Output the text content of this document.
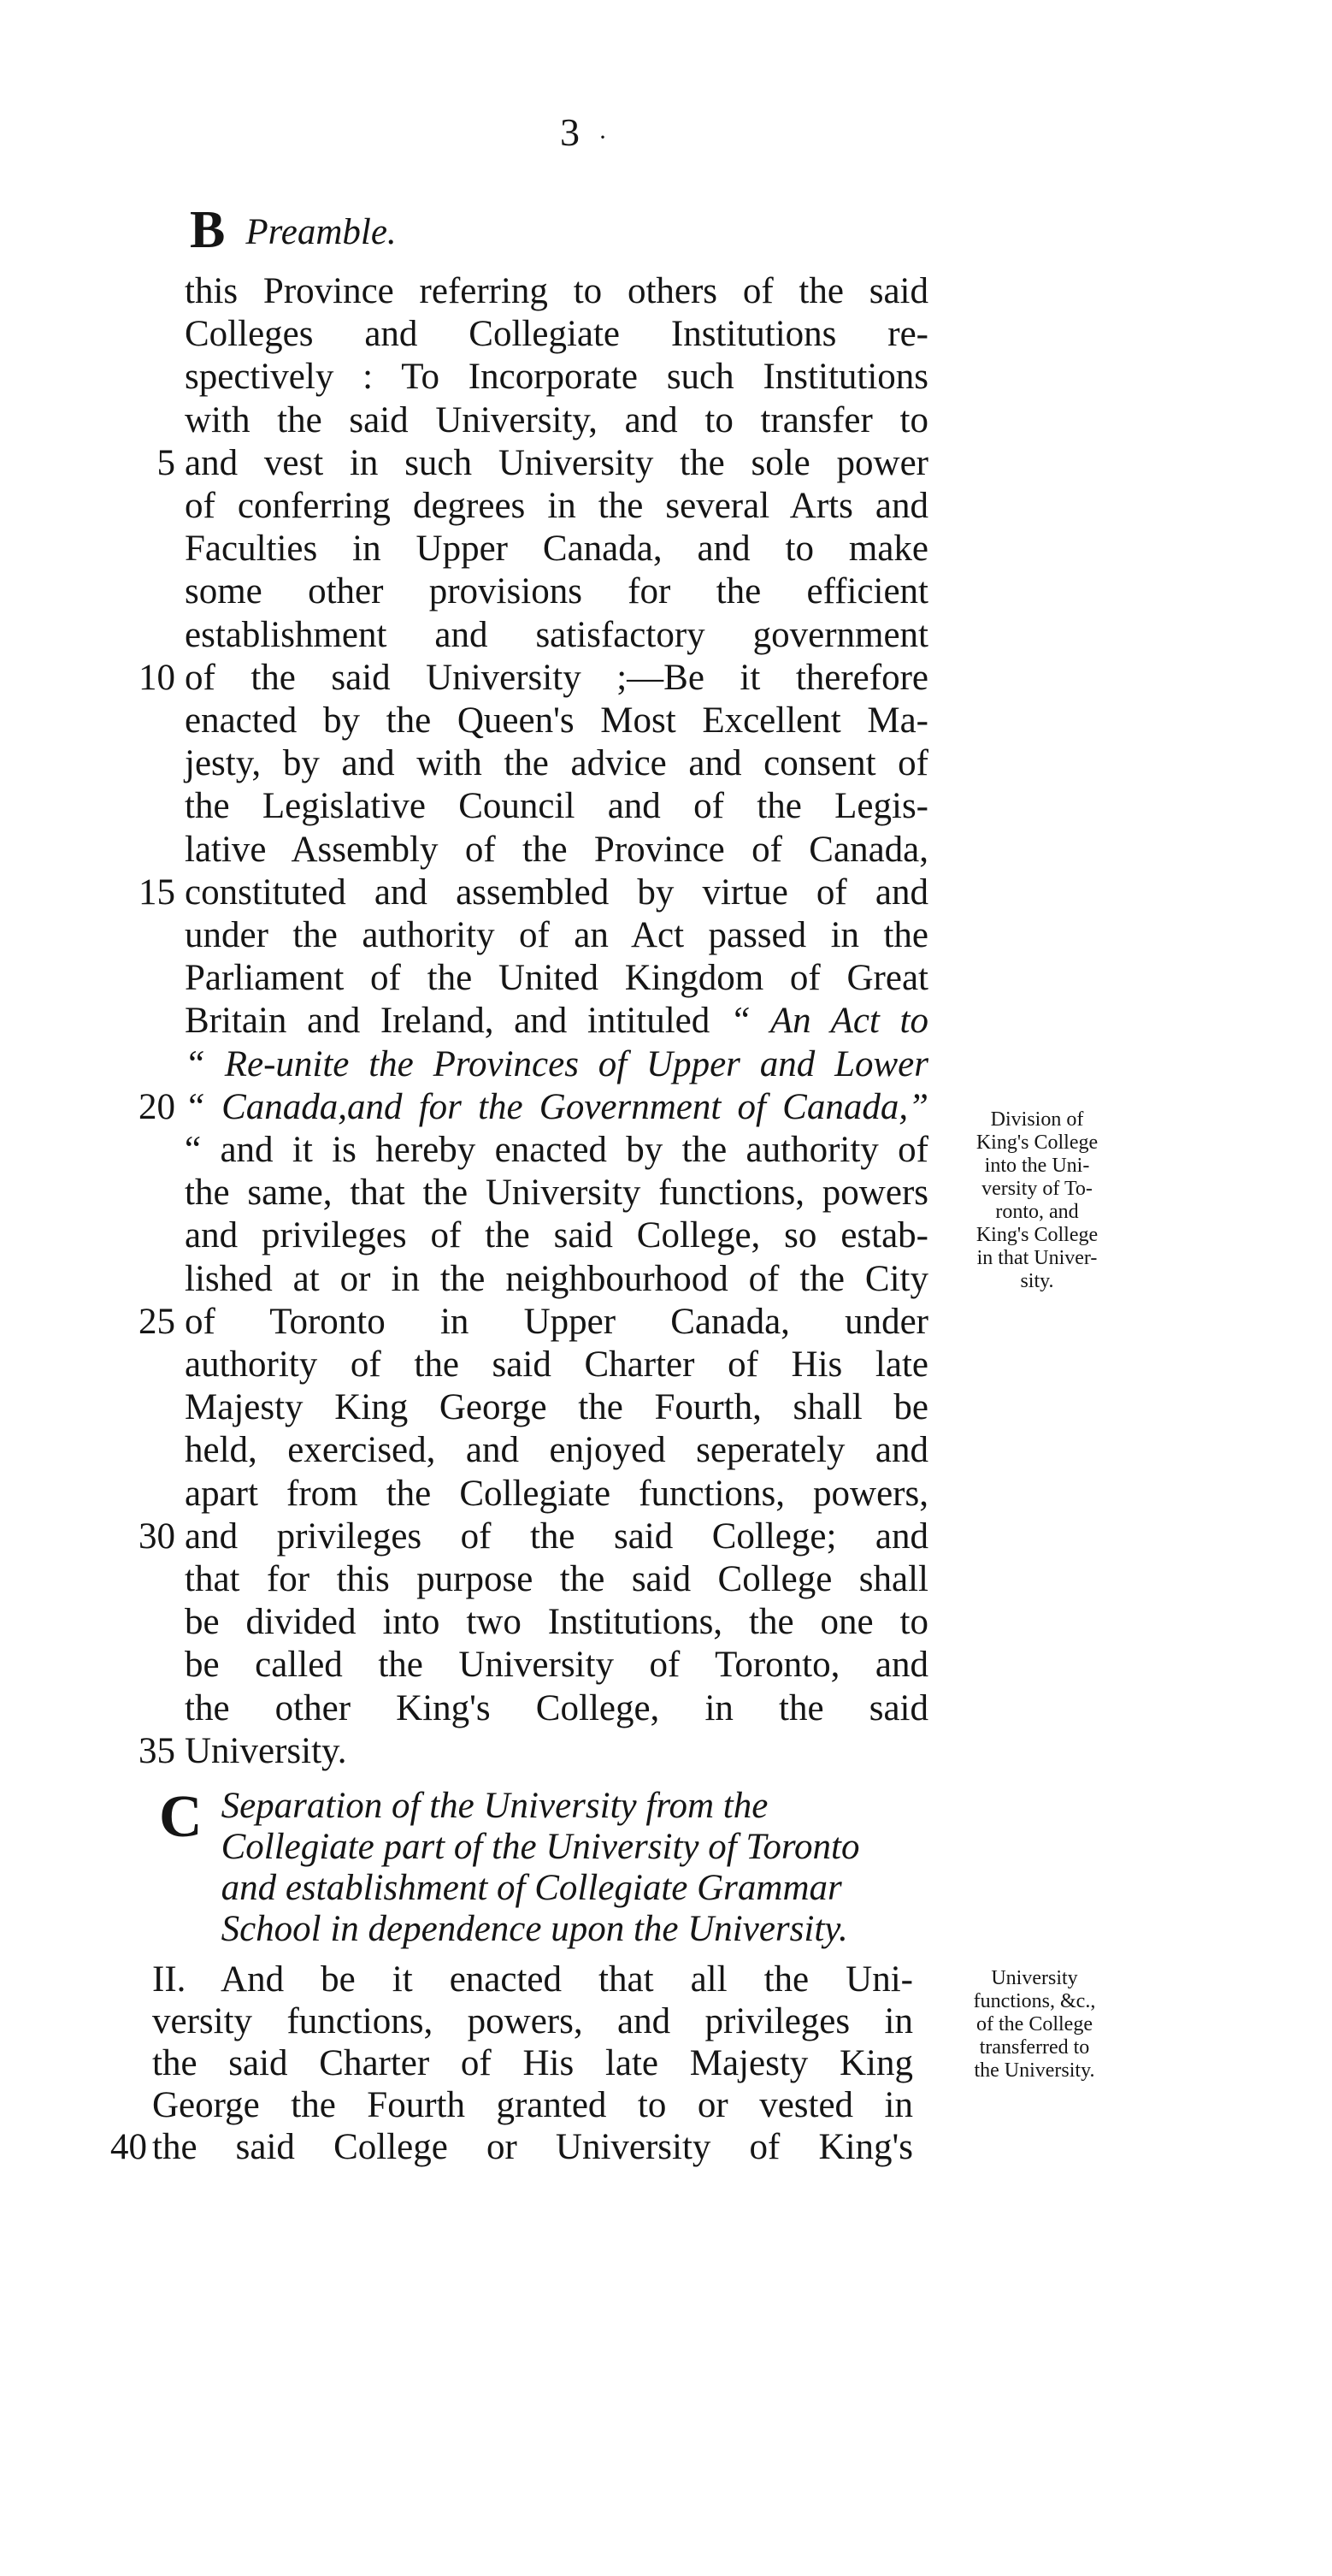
3 ·
B Preamble.
this Province referring to others of the said
Colleges and Collegiate Institutions re-
spectively : To Incorporate such Institutions
with the said University, and to transfer to
and vest in such University the sole power
of conferring degrees in the several Arts and
Faculties in Upper Canada, and to make
some other provisions for the efficient
establishment and satisfactory government
of the said University ;—Be it therefore
enacted by the Queen's Most Excellent Ma-
jesty, by and with the advice and consent of
the Legislative Council and of the Legis-
lative Assembly of the Province of Canada,
constituted and assembled by virtue of and
under the authority of an Act passed in the
Parliament of the United Kingdom of Great
Britain and Ireland, and intituled “ An Act to
“ Re-unite the Provinces of Upper and Lower
“ Canada,and for the Government of Canada,”
“ and it is hereby enacted by the authority of
the same, that the University functions, powers
and privileges of the said College, so estab-
lished at or in the neighbourhood of the City
of Toronto in Upper Canada, under
authority of the said Charter of His late
Majesty King George the Fourth, shall be
held, exercised, and enjoyed seperately and
apart from the Collegiate functions, powers,
and privileges of the said College; and
that for this purpose the said College shall
be divided into two Institutions, the one to
be called the University of Toronto, and
the other King's College, in the said
University.
5
10
15
20
25
30
35
C Separation of the University from the
Collegiate part of the University of Toronto
and establishment of Collegiate Grammar
School in dependence upon the University.
II. And be it enacted that all the Uni-
versity functions, powers, and privileges in
the said Charter of His late Majesty King
George the Fourth granted to or vested in
the said College or University of King's
40
Division of
King's College
into the Uni-
versity of To-
ronto, and
King's College
in that Univer-
sity.
University
functions, &c.,
of the College
transferred to
the University.
